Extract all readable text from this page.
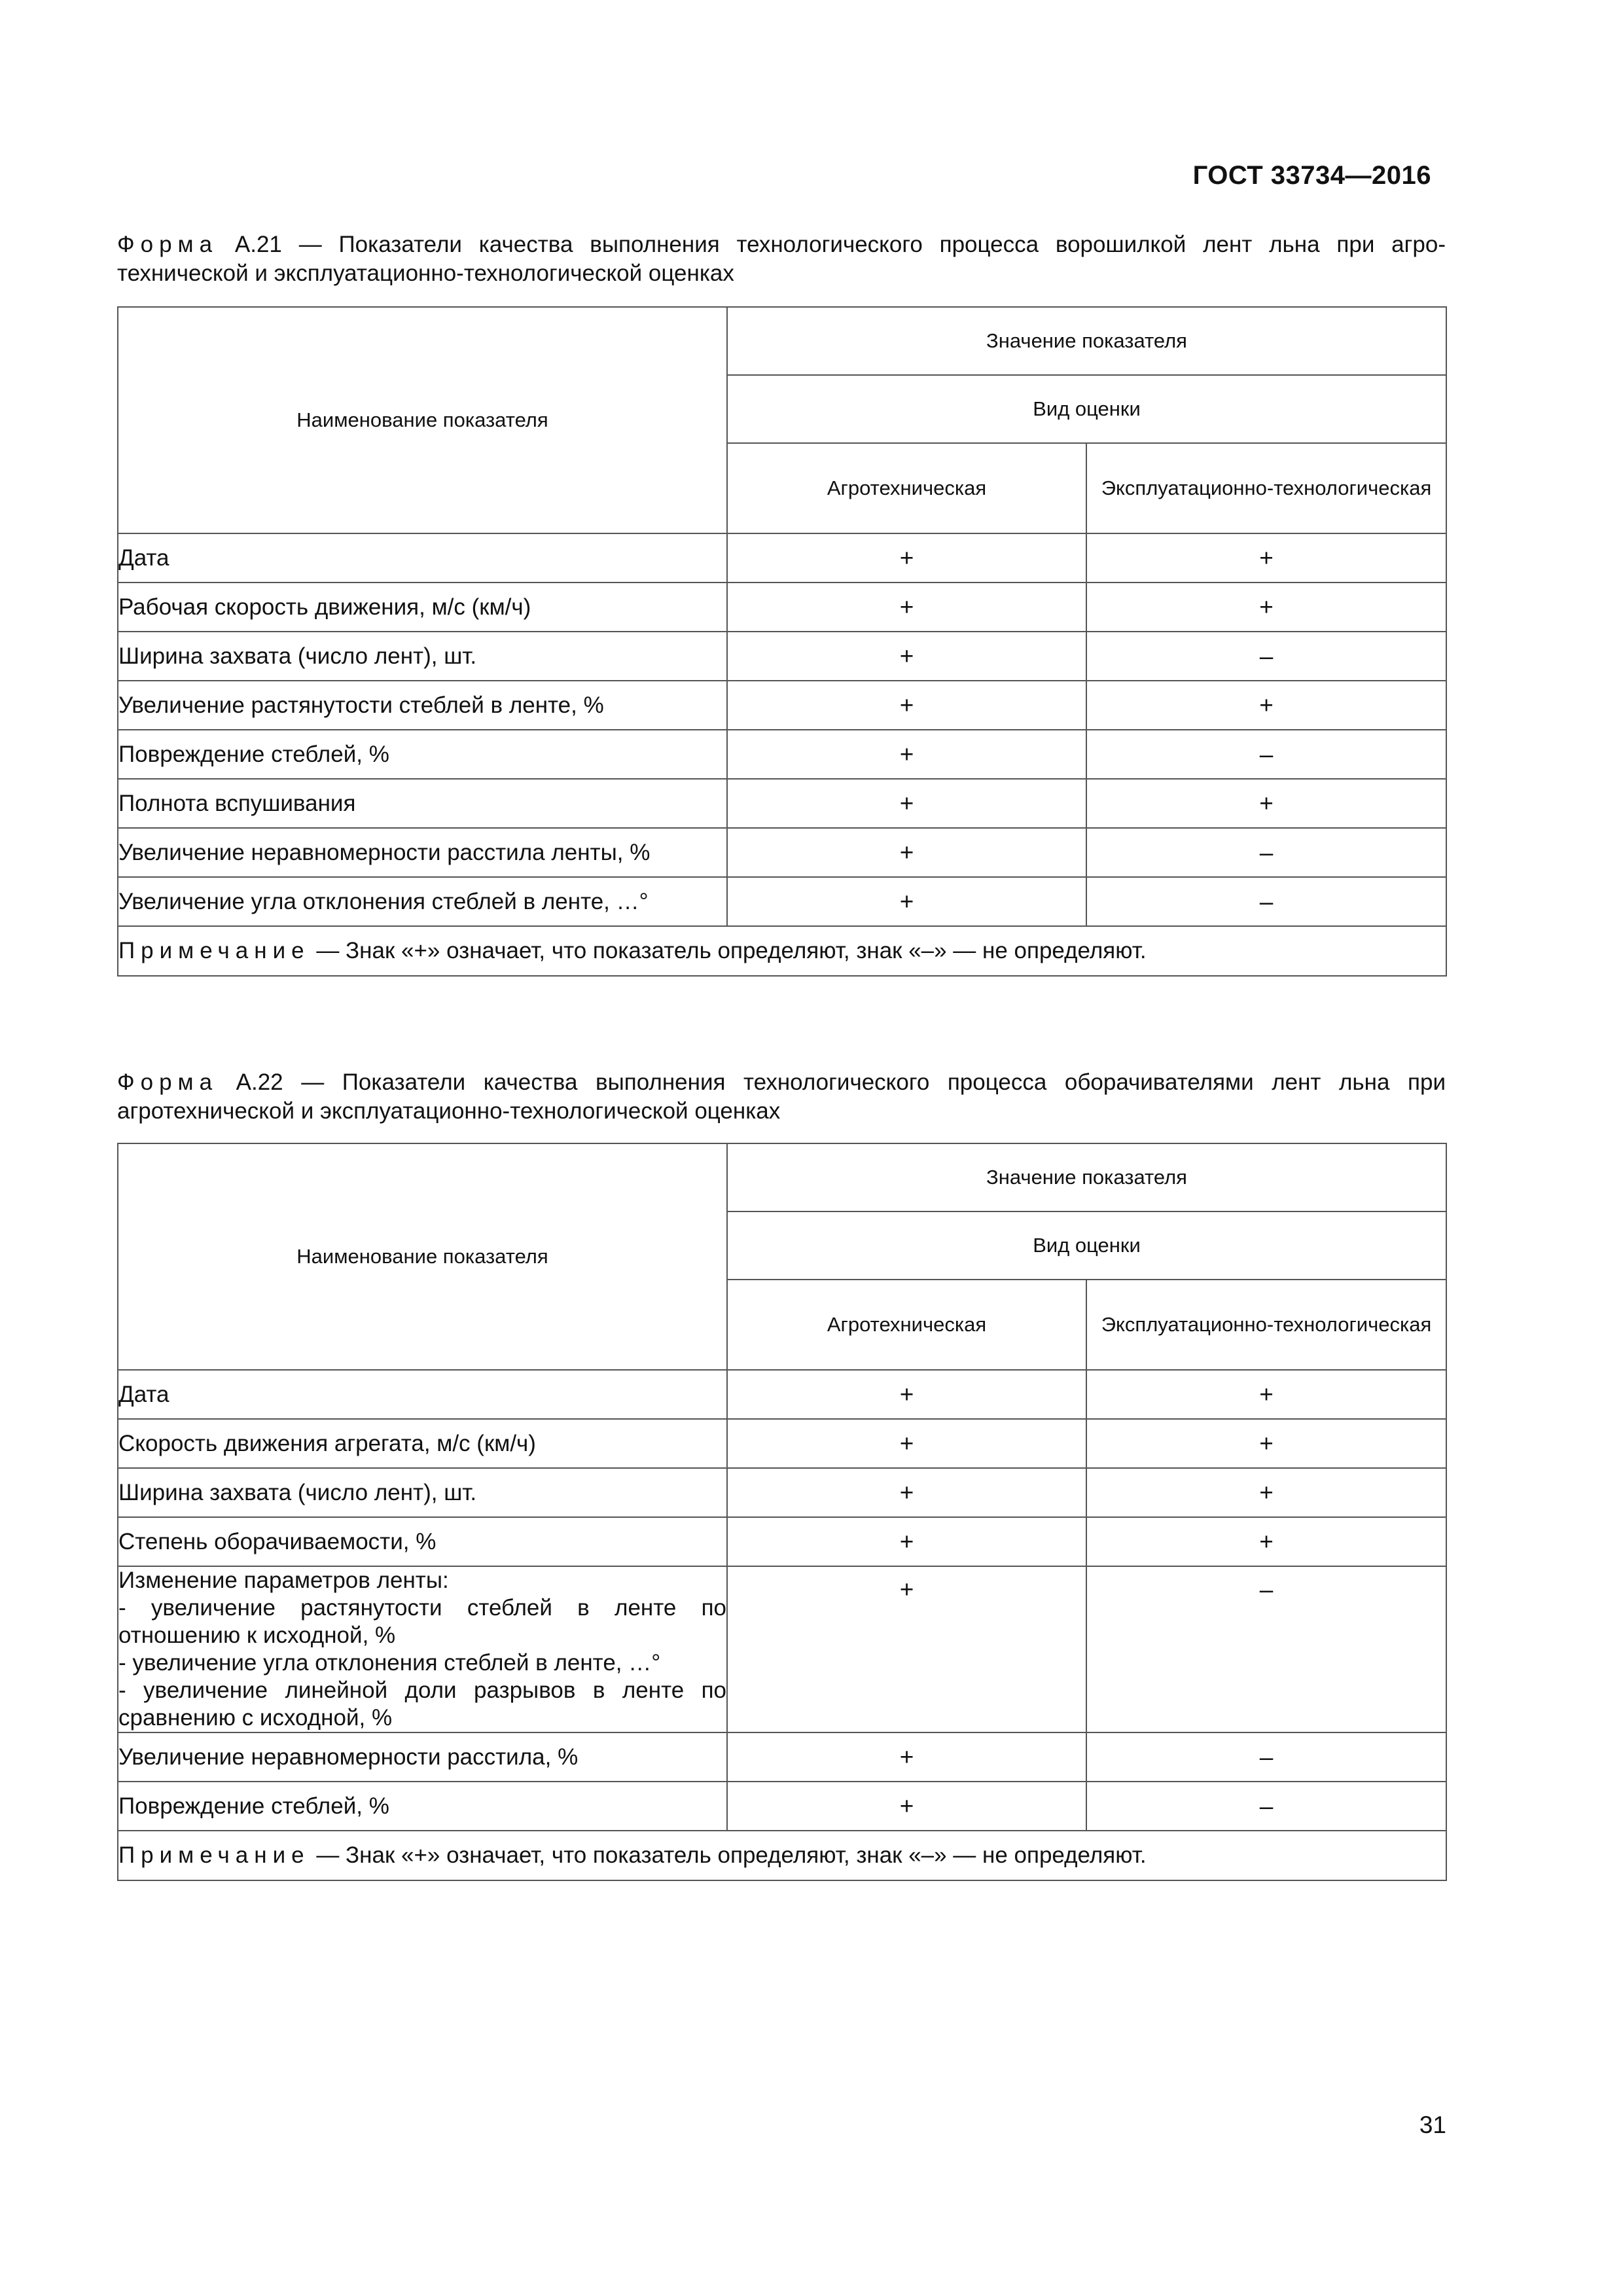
ГОСТ 33734—2016
Форма А.21 — Показатели качества выполнения технологического процесса ворошилкой лент льна при агро-технической и эксплуатационно-технологической оценках
Наименование показателя	Значение показателя	
	Вид оценки	
	Агротехническая	Эксплуатационно-технологическая
Дата	+	+
Рабочая скорость движения, м/с (км/ч)	+	+
Ширина захвата (число лент), шт.	+	–
Увеличение растянутости стеблей в ленте, %	+	+
Повреждение стеблей, %	+	–
Полнота вспушивания	+	+
Увеличение неравномерности расстила ленты, %	+	–
Увеличение угла отклонения стеблей в ленте, …°	+	–
Примечание — Знак «+» означает, что показатель определяют, знак «–» — не определяют.		
Форма А.22 — Показатели качества выполнения технологического процесса оборачивателями лент льна при агротехнической и эксплуатационно-технологической оценках
Наименование показателя	Значение показателя	
	Вид оценки	
	Агротехническая	Эксплуатационно-технологическая
Дата	+	+
Скорость движения агрегата, м/с (км/ч)	+	+
Ширина захвата (число лент), шт.	+	+
Степень оборачиваемости, %	+	+

Изменение параметров ленты:
- увеличение растянутости стеблей в ленте по отношению к исходной, %
- увеличение угла отклонения стеблей в ленте, …°
- увеличение линейной доли разрывов в ленте по сравнению с исходной, %	+	–
Увеличение неравномерности расстила, %	+	–
Повреждение стеблей, %	+	–
Примечание — Знак «+» означает, что показатель определяют, знак «–» — не определяют.		
31
